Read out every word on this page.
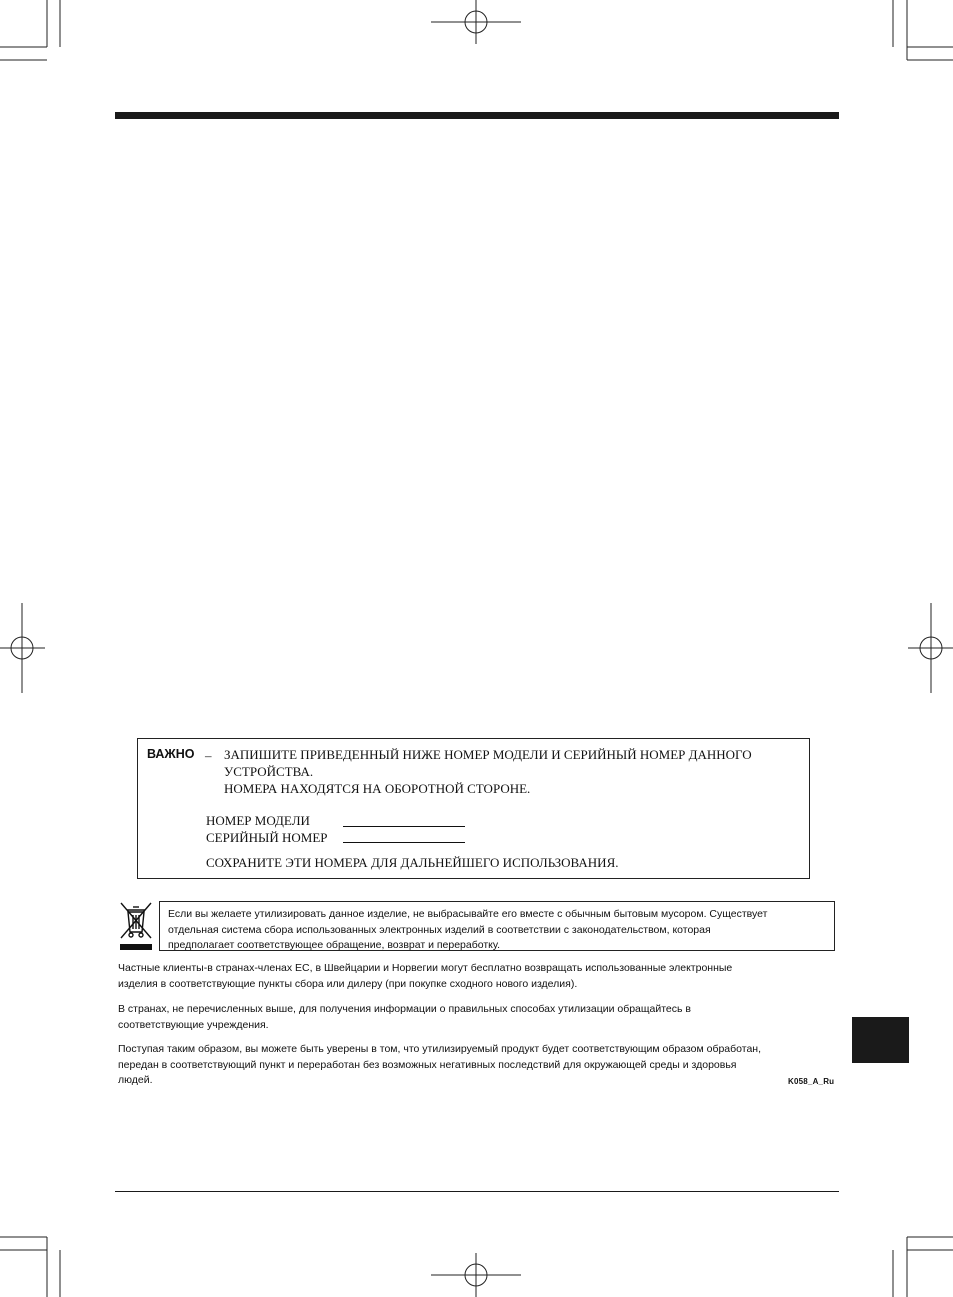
ВАЖНО – ЗАПИШИТЕ ПРИВЕДЕННЫЙ НИЖЕ НОМЕР МОДЕЛИ И СЕРИЙНЫЙ НОМЕР ДАННОГО
УСТРОЙСТВА.
НОМЕРА НАХОДЯТСЯ НА ОБОРОТНОЙ СТОРОНЕ.
НОМЕР МОДЕЛИ
СЕРИЙНЫЙ НОМЕР
СОХРАНИТЕ ЭТИ НОМЕРА ДЛЯ ДАЛЬНЕЙШЕГО ИСПОЛЬЗОВАНИЯ.
Если вы желаете утилизировать данное изделие, не выбрасывайте его вместе с обычным бытовым мусором. Существует
отдельная система сбора использованных электронных изделий в соответствии с законодательством, которая
предполагает соответствующее обращение, возврат и переработку.
Частные клиенты-в странах-членах ЕС, в Швейцарии и Норвегии могут бесплатно возвращать использованные электронные
изделия в соответствующие пункты сбора или дилеру (при покупке сходного нового изделия).
В странах, не перечисленных выше, для получения информации о правильных способах утилизации обращайтесь в
соответствующие учреждения.
Поступая таким образом, вы можете быть уверены в том, что утилизируемый продукт будет соответствующим образом обработан,
передан в соответствующий пункт и переработан без возможных негативных последствий для окружающей среды и здоровья
людей.	K058_A_Ru
